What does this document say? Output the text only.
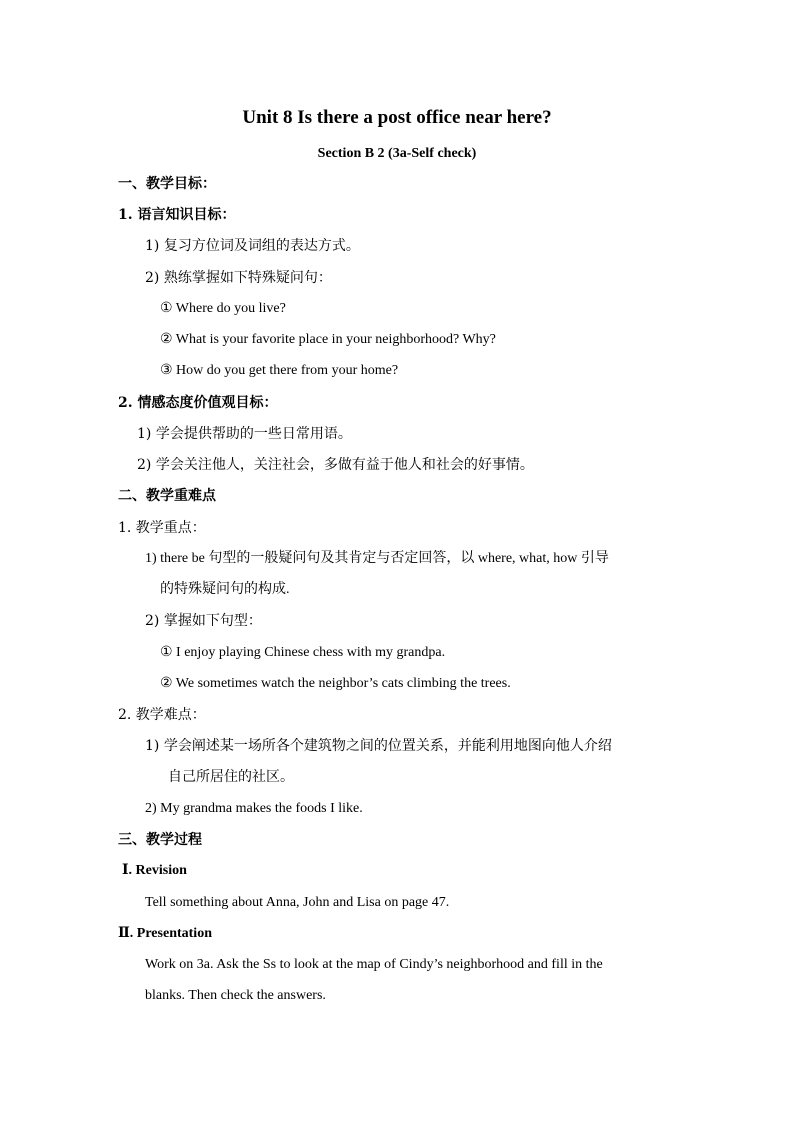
Unit 8 Is there a post office near here?
Section B 2 (3a-Self check)
一、教学目标：
1. 语言知识目标：
1) 复习方位词及词组的表达方式。
2) 熟练掌握如下特殊疑问句：
① Where do you live?
② What is your favorite place in your neighborhood? Why?
③ How do you get there from your home?
2. 情感态度价值观目标：
1) 学会提供帮助的一些日常用语。
2) 学会关注他人，关注社会，多做有益于他人和社会的好事情。
二、教学重难点
1. 教学重点：
1) there be 句型的一般疑问句及其肯定与否定回答，以 where, what, how 引导
的特殊疑问句的构成.
2) 掌握如下句型：
① I enjoy playing Chinese chess with my grandpa.
② We sometimes watch the neighbor’s cats climbing the trees.
2. 教学难点：
1) 学会阐述某一场所各个建筑物之间的位置关系，并能利用地图向他人介绍
自己所居住的社区。
2) My grandma makes the foods I like.
三、教学过程
Ⅰ. Revision
Tell something about Anna, John and Lisa on page 47.
Ⅱ. Presentation
Work on 3a. Ask the Ss to look at the map of Cindy’s neighborhood and fill in the
blanks. Then check the answers.
